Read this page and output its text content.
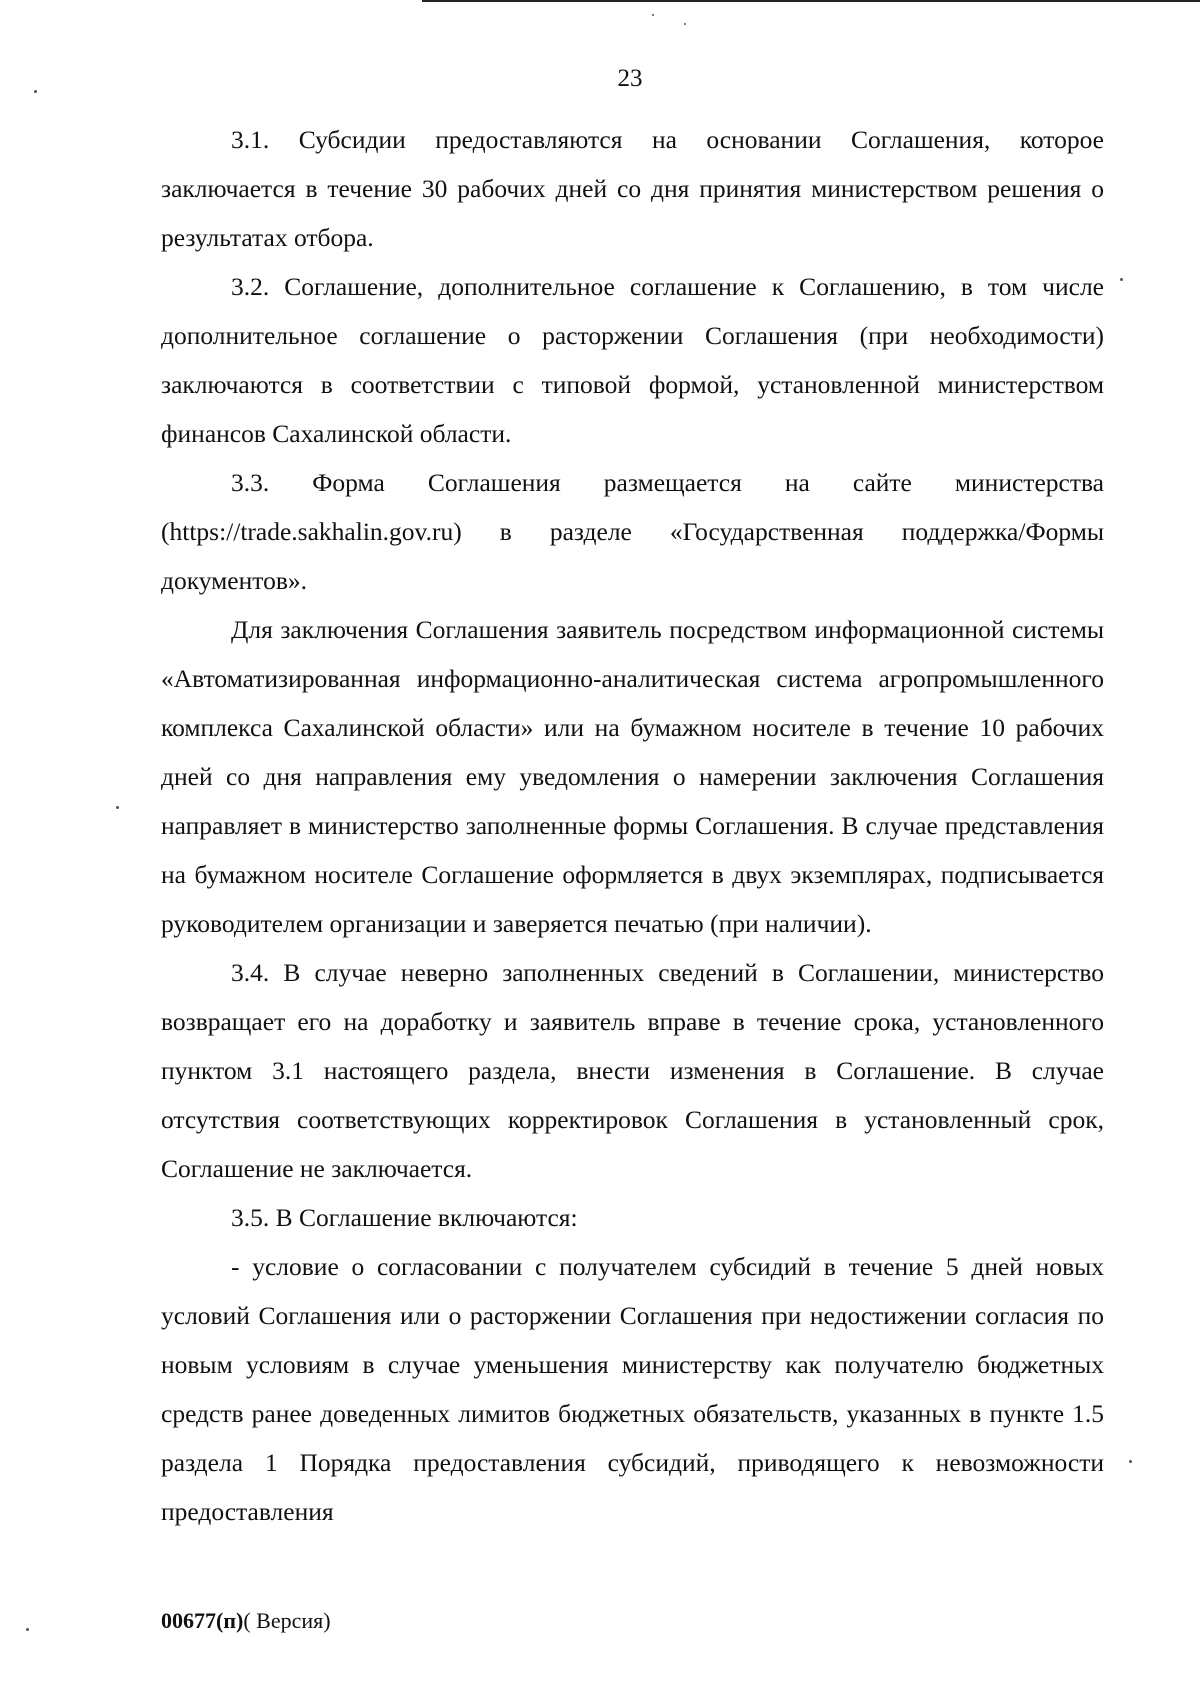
23

3.1. Субсидии предоставляются на основании Соглашения, которое заключается в течение 30 рабочих дней со дня принятия министерством решения о результатах отбора.

3.2. Соглашение, дополнительное соглашение к Соглашению, в том числе дополнительное соглашение о расторжении Соглашения (при необходимости) заключаются в соответствии с типовой формой, установленной министерством финансов Сахалинской области.

3.3. Форма Соглашения размещается на сайте министерства (https://trade.sakhalin.gov.ru) в разделе «Государственная поддержка/Формы документов».

Для заключения Соглашения заявитель посредством информационной системы «Автоматизированная информационно-аналитическая система агропромышленного комплекса Сахалинской области» или на бумажном носителе в течение 10 рабочих дней со дня направления ему уведомления о намерении заключения Соглашения направляет в министерство заполненные формы Соглашения. В случае представления на бумажном носителе Соглашение оформляется в двух экземплярах, подписывается руководителем организации и заверяется печатью (при наличии).

3.4. В случае неверно заполненных сведений в Соглашении, министерство возвращает его на доработку и заявитель вправе в течение срока, установленного пунктом 3.1 настоящего раздела, внести изменения в Соглашение. В случае отсутствия соответствующих корректировок Соглашения в установленный срок, Соглашение не заключается.

3.5. В Соглашение включаются:

- условие о согласовании с получателем субсидий в течение 5 дней новых условий Соглашения или о расторжении Соглашения при недостижении согласия по новым условиям в случае уменьшения министерству как получателю бюджетных средств ранее доведенных лимитов бюджетных обязательств, указанных в пункте 1.5 раздела 1 Порядка предоставления субсидий, приводящего к невозможности предоставления

00677(п)( Версия)
